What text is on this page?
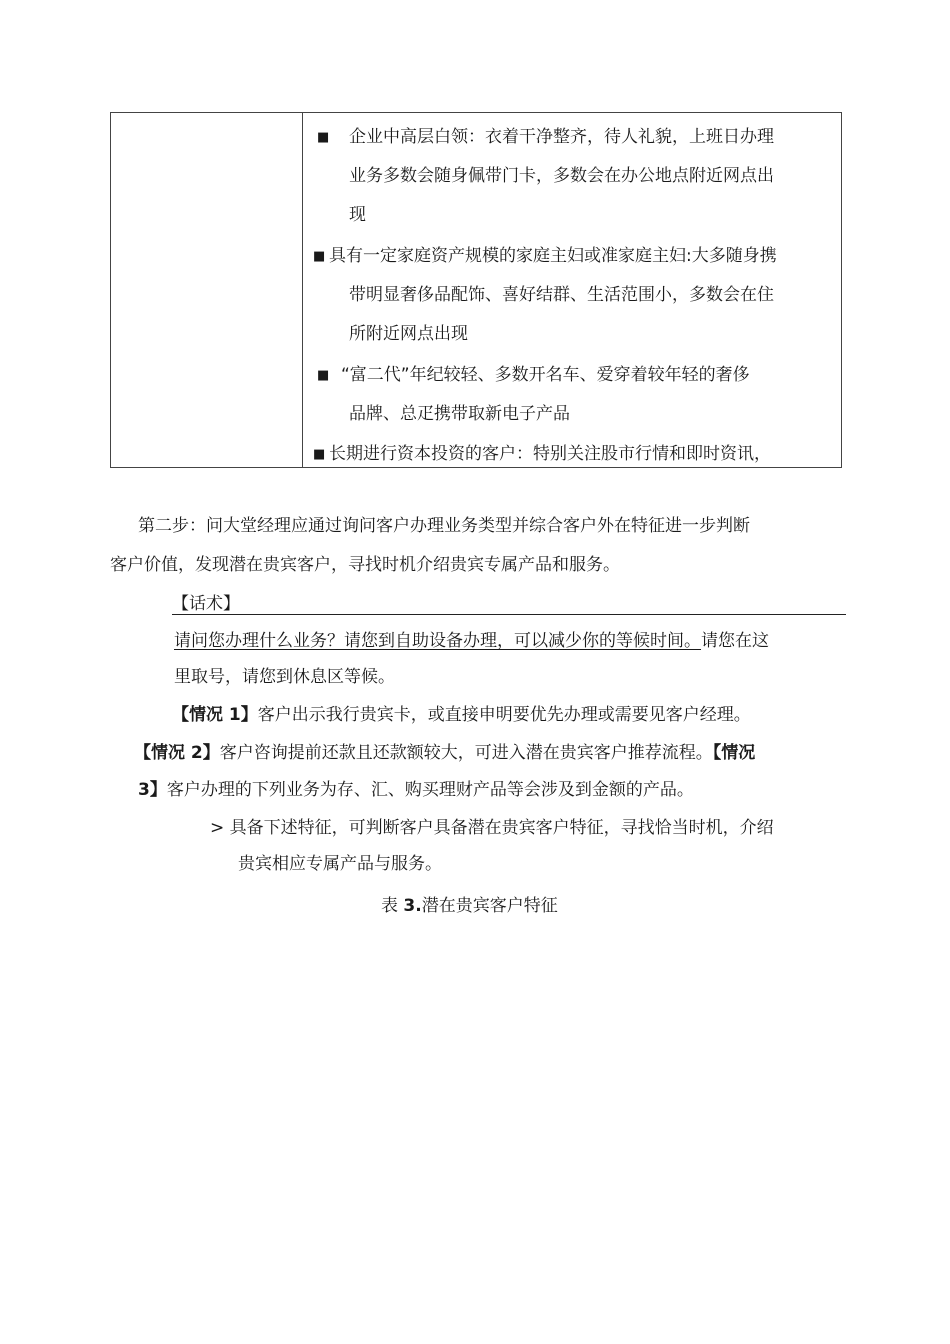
■ 企业中高层白领：衣着干净整齐，待人礼貌，上班日办理
业务多数会随身佩带门卡，多数会在办公地点附近网点出
现
■ 具有一定家庭资产规模的家庭主妇或准家庭主妇:大多随身携
带明显奢侈品配饰、喜好结群、生活范围小，多数会在住
所附近网点出现
■ “富二代”年纪较轻、多数开名车、爱穿着较年轻的奢侈
品牌、总疋携带取新电子产品
■ 长期进行资本投资的客户：特别关注股市行情和即时资讯，
第二步：问大堂经理应通过询问客户办理业务类型并综合客户外在特征进一步判断
客户价值，发现潜在贵宾客户，寻找时机介绍贵宾专属产品和服务。
【话术】
请问您办理什么业务？请您到自助设备办理，可以减少你的等候时间。请您在这
里取号，请您到休息区等候。
【情况 1】客户出示我行贵宾卡，或直接申明要优先办理或需要见客户经理。
【情况 2】客户咨询提前还款且还款额较大，可进入潜在贵宾客户推荐流程。【情况
3】客户办理的下列业务为存、汇、购买理财产品等会涉及到金额的产品。
> 具备下述特征，可判断客户具备潜在贵宾客户特征，寻找恰当时机，介绍
贵宾相应专属产品与服务。
表 3.潜在贵宾客户特征
